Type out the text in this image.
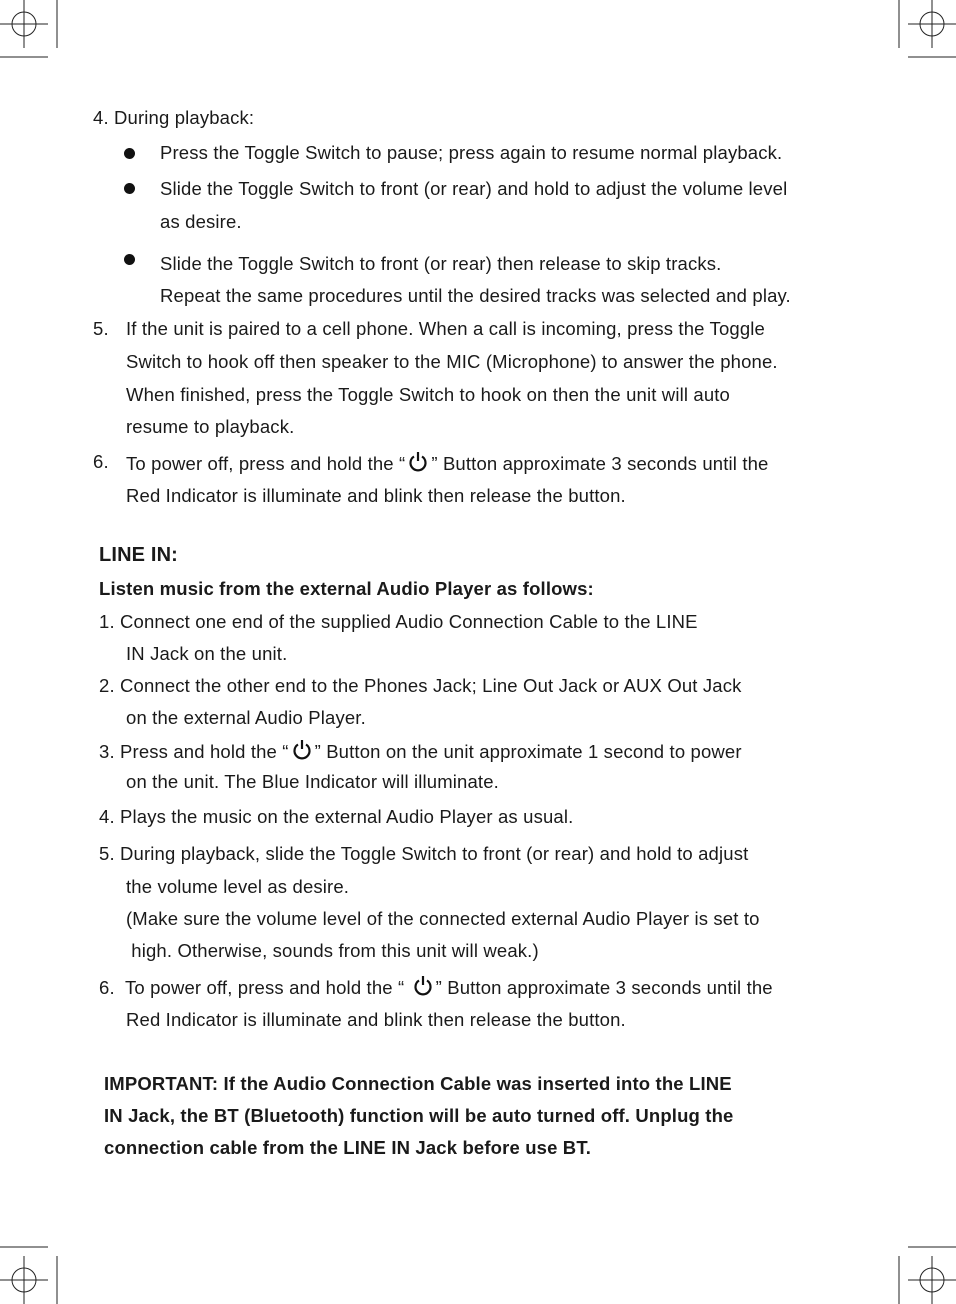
4. During playback:
Press the Toggle Switch to pause; press again to resume normal playback.
Slide the Toggle Switch to front (or rear) and hold to adjust the volume level
as desire.
Slide the Toggle Switch to front (or rear) then release to skip tracks.
Repeat the same procedures until the desired tracks was selected and play.
5. If the unit is paired to a cell phone. When a call is incoming, press the Toggle
Switch to hook off then speaker to the MIC (Microphone) to answer the phone.
When finished, press the Toggle Switch to hook on then the unit will auto
resume to playback.
6. To power off, press and hold the “ ” Button approximate 3 seconds until the
Red Indicator is illuminate and blink then release the button.
LINE IN:
Listen music from the external Audio Player as follows:
1. Connect one end of the supplied Audio Connection Cable to the LINE
IN Jack on the unit.
2. Connect the other end to the Phones Jack; Line Out Jack or AUX Out Jack
on the external Audio Player.
3. Press and hold the “ ” Button on the unit approximate 1 second to power
on the unit. The Blue Indicator will illuminate.
4. Plays the music on the external Audio Player as usual.
5. During playback, slide the Toggle Switch to front (or rear) and hold to adjust
the volume level as desire.
(Make sure the volume level of the connected external Audio Player is set to
high. Otherwise, sounds from this unit will weak.)
6.  To power off, press and hold the “ ” Button approximate 3 seconds until the
Red Indicator is illuminate and blink then release the button.
IMPORTANT: If the Audio Connection Cable was inserted into the LINE
IN Jack, the BT (Bluetooth) function will be auto turned off. Unplug the
connection cable from the LINE IN Jack before use BT.
